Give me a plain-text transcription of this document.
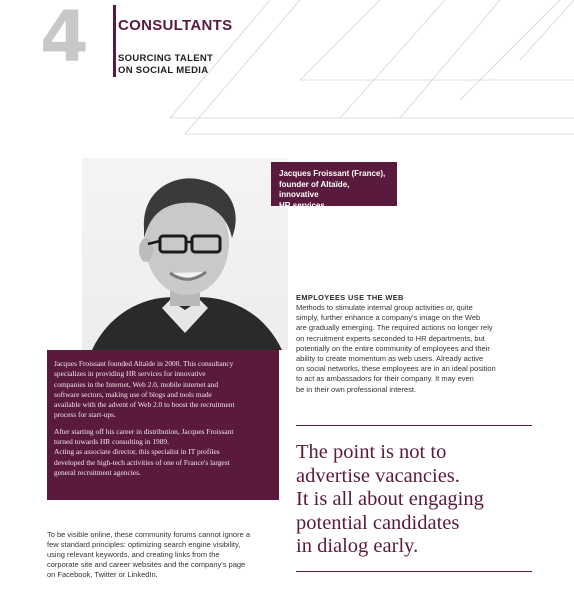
4 CONSULTANTS
SOURCING TALENT
ON SOCIAL MEDIA
Jacques Froissant (France),
founder of Altaïde, innovative
HR services
Jacques Froissant founded Altaïde in 2000. This consultancy
specializes in providing HR services for innovative
companies in the Internet, Web 2.0, mobile internet and
software sectors, making use of blogs and tools made
available with the advent of Web 2.0 to boost the recruitment
process for start-ups.
After starting off his career in distribution, Jacques Froissant
turned towards HR consulting in 1989.
Acting as associate director, this specialist in IT profiles
developed the high-tech activities of one of France's largest
general recruitment agencies.
EMPLOYEES USE THE WEB
Methods to stimulate internal group activities or, quite
simply, further enhance a company's image on the Web
are gradually emerging. The required actions no longer rely
on recruitment experts seconded to HR departments, but
potentially on the entire community of employees and their
ability to create momentum as web users. Already active
on social networks, these employees are in an ideal position
to act as ambassadors for their company. It may even
be in their own professional interest.
The point is not to
advertise vacancies.
It is all about engaging
potential candidates
in dialog early.
To be visible online, these community forums cannot ignore a
few standard principles: optimizing search engine visibility,
using relevant keywords, and creating links from the
corporate site and career websites and the company's page
on Facebook, Twitter or LinkedIn.
